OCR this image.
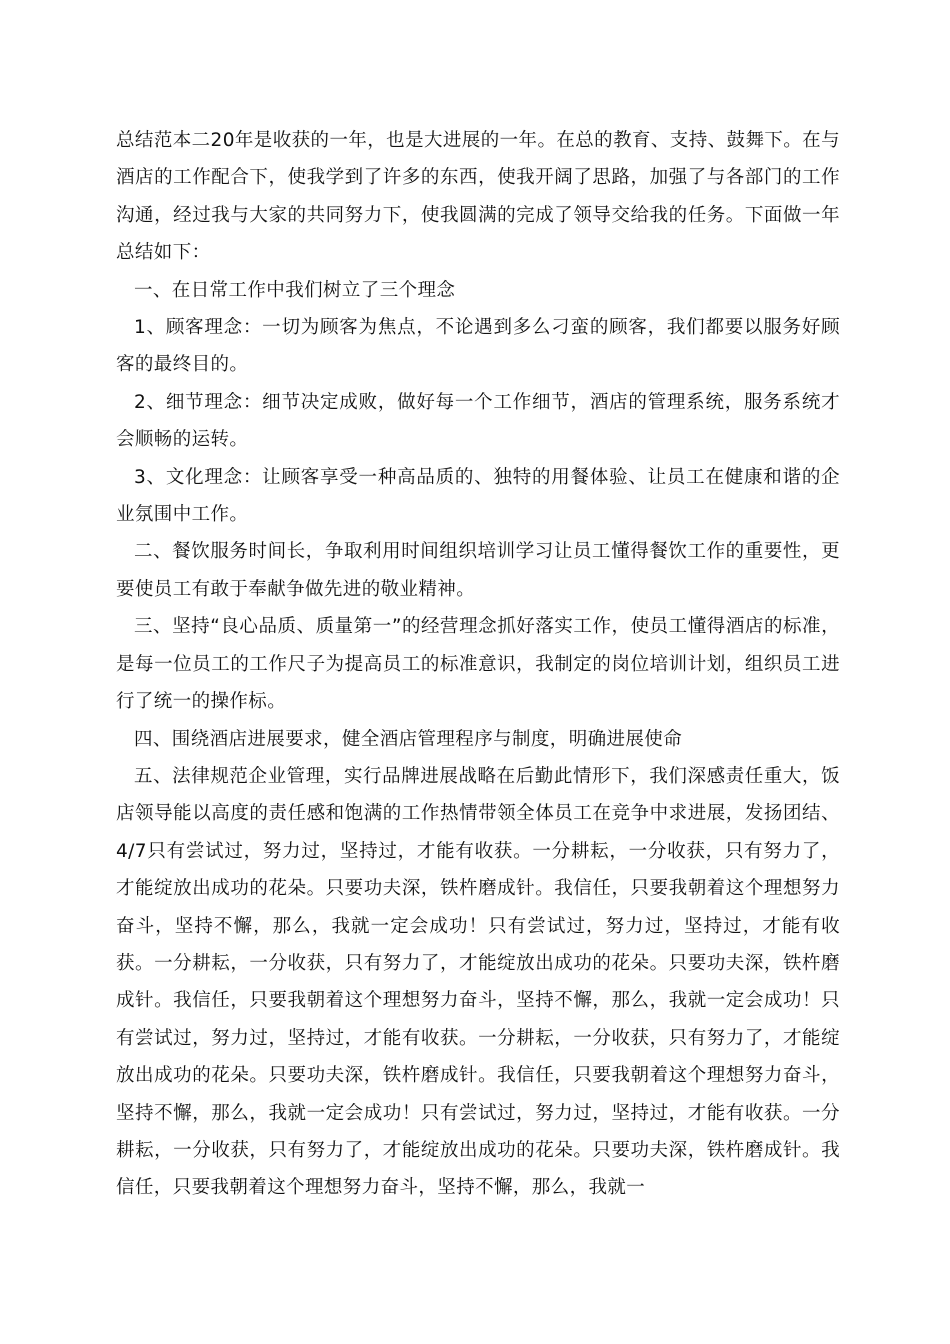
总结范本二20年是收获的一年，也是大进展的一年。在总的教育、支持、鼓舞下。在与酒店的工作配合下，使我学到了许多的东西，使我开阔了思路，加强了与各部门的工作沟通，经过我与大家的共同努力下，使我圆满的完成了领导交给我的任务。下面做一年总结如下：

一、在日常工作中我们树立了三个理念

1、顾客理念：一切为顾客为焦点，不论遇到多么刁蛮的顾客，我们都要以服务好顾客的最终目的。

2、细节理念：细节决定成败，做好每一个工作细节，酒店的管理系统，服务系统才会顺畅的运转。

3、文化理念：让顾客享受一种高品质的、独特的用餐体验、让员工在健康和谐的企业氛围中工作。

二、餐饮服务时间长，争取利用时间组织培训学习让员工懂得餐饮工作的重要性，更要使员工有敢于奉献争做先进的敬业精神。

三、坚持“良心品质、质量第一”的经营理念抓好落实工作，使员工懂得酒店的标准，是每一位员工的工作尺子为提高员工的标准意识，我制定的岗位培训计划，组织员工进行了统一的操作标。

四、围绕酒店进展要求，健全酒店管理程序与制度，明确进展使命

五、法律规范企业管理，实行品牌进展战略在后勤此情形下，我们深感责任重大，饭店领导能以高度的责任感和饱满的工作热情带领全体员工在竞争中求进展，发扬团结、4/7只有尝试过，努力过，坚持过，才能有收获。一分耕耘，一分收获，只有努力了，才能绽放出成功的花朵。只要功夫深，铁杵磨成针。我信任，只要我朝着这个理想努力奋斗，坚持不懈，那么，我就一定会成功！只有尝试过，努力过，坚持过，才能有收获。一分耕耘，一分收获，只有努力了，才能绽放出成功的花朵。只要功夫深，铁杵磨成针。我信任，只要我朝着这个理想努力奋斗，坚持不懈，那么，我就一定会成功！只有尝试过，努力过，坚持过，才能有收获。一分耕耘，一分收获，只有努力了，才能绽放出成功的花朵。只要功夫深，铁杵磨成针。我信任，只要我朝着这个理想努力奋斗，坚持不懈，那么，我就一定会成功！只有尝试过，努力过，坚持过，才能有收获。一分耕耘，一分收获，只有努力了，才能绽放出成功的花朵。只要功夫深，铁杵磨成针。我信任，只要我朝着这个理想努力奋斗，坚持不懈，那么，我就一
